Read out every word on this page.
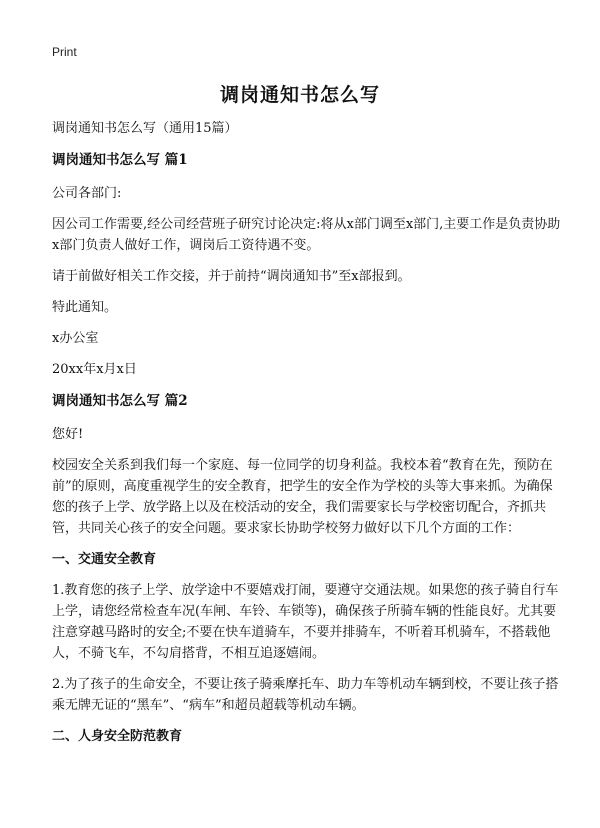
Print
调岗通知书怎么写

调岗通知书怎么写（通用15篇）

调岗通知书怎么写 篇1

公司各部门:

因公司工作需要,经公司经营班子研究讨论决定:将从x部门调至x部门,主要工作是负责协助x部门负责人做好工作，调岗后工资待遇不变。

请于前做好相关工作交接，并于前持“调岗通知书”至x部报到。

特此通知。

x办公室

20xx年x月x日

调岗通知书怎么写 篇2

您好!

校园安全关系到我们每一个家庭、每一位同学的切身利益。我校本着“教育在先，预防在前”的原则，高度重视学生的安全教育，把学生的安全作为学校的头等大事来抓。为确保您的孩子上学、放学路上以及在校活动的安全，我们需要家长与学校密切配合，齐抓共管，共同关心孩子的安全问题。要求家长协助学校努力做好以下几个方面的工作：

一、交通安全教育

1.教育您的孩子上学、放学途中不要嬉戏打闹，要遵守交通法规。如果您的孩子骑自行车上学，请您经常检查车况(车闸、车铃、车锁等)，确保孩子所骑车辆的性能良好。尤其要注意穿越马路时的安全;不要在快车道骑车，不要并排骑车，不听着耳机骑车，不搭载他人，不骑飞车，不勾肩搭背，不相互追逐嬉闹。

2.为了孩子的生命安全，不要让孩子骑乘摩托车、助力车等机动车辆到校，不要让孩子搭乘无牌无证的“黑车”、“病车”和超员超载等机动车辆。

二、人身安全防范教育
